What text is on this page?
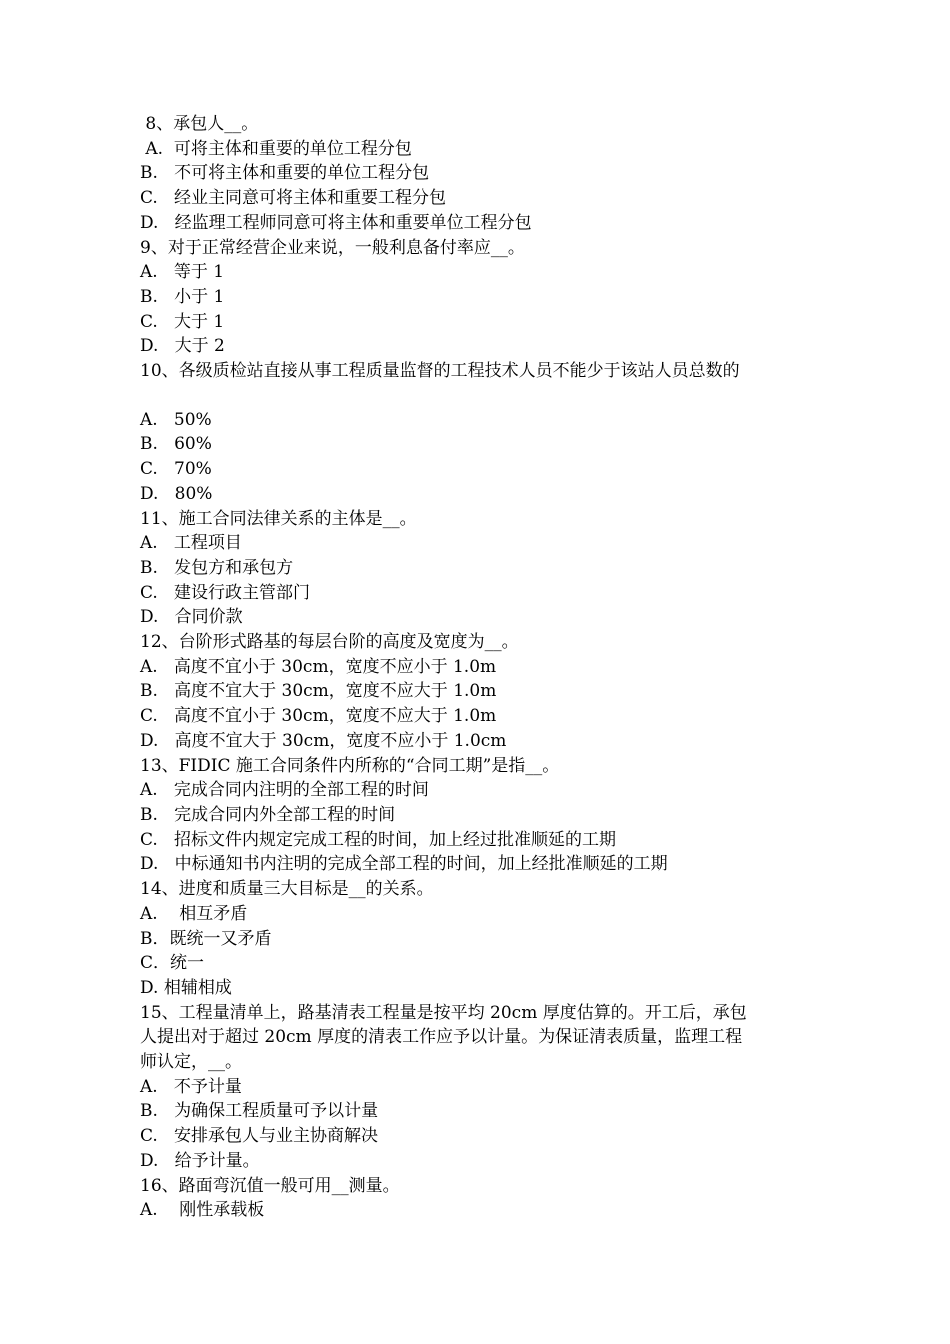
8、承包人__。
A.  可将主体和重要的单位工程分包
B.   不可将主体和重要的单位工程分包
C.   经业主同意可将主体和重要工程分包
D.   经监理工程师同意可将主体和重要单位工程分包
9、对于正常经营企业来说，一般利息备付率应__。
A.   等于 1
B.   小于 1
C.   大于 1
D.   大于 2
10、各级质检站直接从事工程质量监督的工程技术人员不能少于该站人员总数的
A.   50%
B.   60%
C.   70%
D.   80%
11、施工合同法律关系的主体是__。
A.   工程项目
B.   发包方和承包方
C.   建设行政主管部门
D.   合同价款
12、台阶形式路基的每层台阶的高度及宽度为__。
A.   高度不宜小于 30cm，宽度不应小于 1.0m
B.   高度不宜大于 30cm，宽度不应大于 1.0m
C.   高度不宜小于 30cm，宽度不应大于 1.0m
D.   高度不宜大于 30cm，宽度不应小于 1.0cm
13、FIDIC 施工合同条件内所称的“合同工期”是指__。
A.   完成合同内注明的全部工程的时间
B.   完成合同内外全部工程的时间
C.   招标文件内规定完成工程的时间，加上经过批准顺延的工期
D.   中标通知书内注明的完成全部工程的时间，加上经批准顺延的工期
14、进度和质量三大目标是__的关系。
A.    相互矛盾
B．既统一又矛盾
C．统一
D. 相辅相成
15、工程量清单上，路基清表工程量是按平均 20cm 厚度估算的。开工后，承包
人提出对于超过 20cm 厚度的清表工作应予以计量。为保证清表质量，监理工程
师认定，__。
A.   不予计量
B.   为确保工程质量可予以计量
C.   安排承包人与业主协商解决
D.   给予计量。
16、路面弯沉值一般可用__测量。
A.    刚性承载板
